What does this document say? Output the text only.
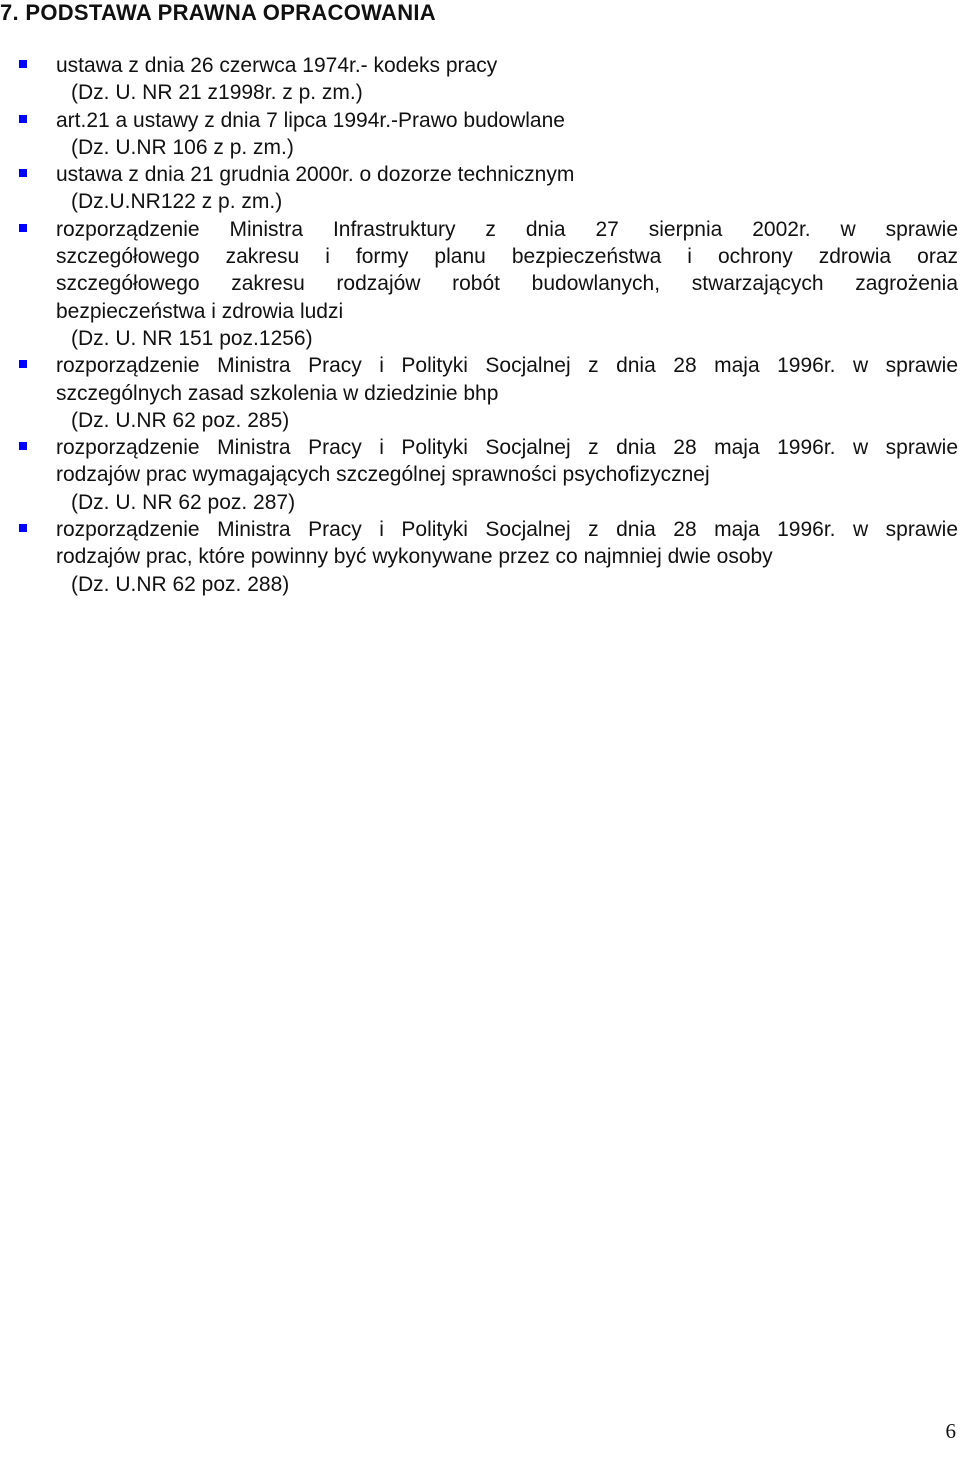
7. PODSTAWA PRAWNA OPRACOWANIA
ustawa z dnia 26 czerwca 1974r.- kodeks pracy
(Dz. U. NR 21 z1998r. z p. zm.)
art.21 a ustawy z dnia 7 lipca 1994r.-Prawo budowlane
(Dz. U.NR 106 z p. zm.)
ustawa z dnia 21 grudnia 2000r. o dozorze technicznym
(Dz.U.NR122 z p. zm.)
rozporządzenie Ministra Infrastruktury z dnia 27 sierpnia 2002r. w sprawie
szczegółowego zakresu i formy planu bezpieczeństwa i ochrony zdrowia oraz
szczegółowego zakresu rodzajów robót budowlanych, stwarzających zagrożenia
bezpieczeństwa i zdrowia ludzi
(Dz. U. NR 151 poz.1256)
rozporządzenie Ministra Pracy i Polityki Socjalnej z dnia 28 maja 1996r. w sprawie
szczególnych zasad szkolenia w dziedzinie bhp
(Dz. U.NR 62 poz. 285)
rozporządzenie Ministra Pracy i Polityki Socjalnej z dnia 28 maja 1996r. w sprawie
rodzajów prac wymagających szczególnej sprawności psychofizycznej
(Dz. U. NR 62 poz. 287)
rozporządzenie Ministra Pracy i Polityki Socjalnej z dnia 28 maja 1996r. w sprawie
rodzajów prac, które powinny być wykonywane przez co najmniej dwie osoby
(Dz. U.NR 62 poz. 288)
6
